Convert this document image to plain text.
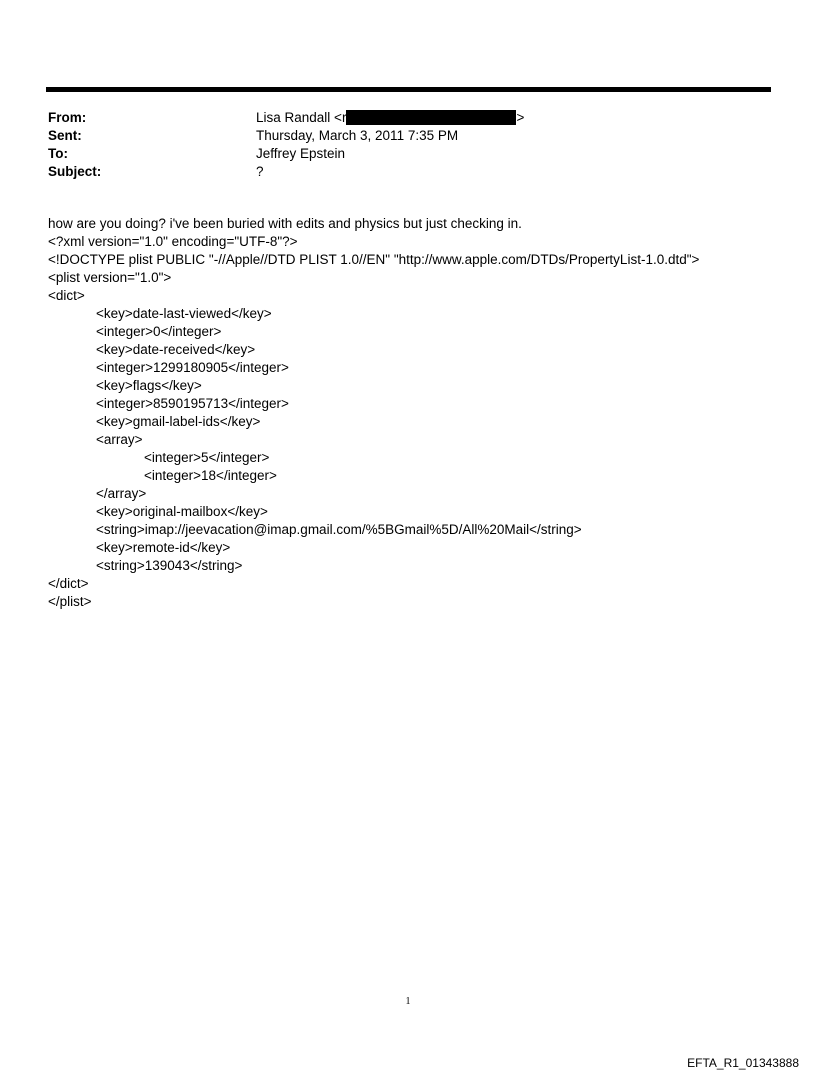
From:	Lisa Randall <r	>
Sent:	Thursday, March 3, 2011 7:35 PM
To:	Jeffrey Epstein
Subject:	?
how are you doing? i've been buried with edits and physics but just checking in.
<?xml version="1.0" encoding="UTF-8"?>
<!DOCTYPE plist PUBLIC "-//Apple//DTD PLIST 1.0//EN" "http://www.apple.com/DTDs/PropertyList-1.0.dtd">
<plist version="1.0">
<dict>
<key>date-last-viewed</key>
<integer>0</integer>
<key>date-received</key>
<integer>1299180905</integer>
<key>flags</key>
<integer>8590195713</integer>
<key>gmail-label-ids</key>
<array>
<integer>5</integer>
<integer>18</integer>
</array>
<key>original-mailbox</key>
<string>imap://jeevacation@imap.gmail.com/%5BGmail%5D/All%20Mail</string>
<key>remote-id</key>
<string>139043</string>
</dict>
</plist>
1
EFTA_R1_01343888
